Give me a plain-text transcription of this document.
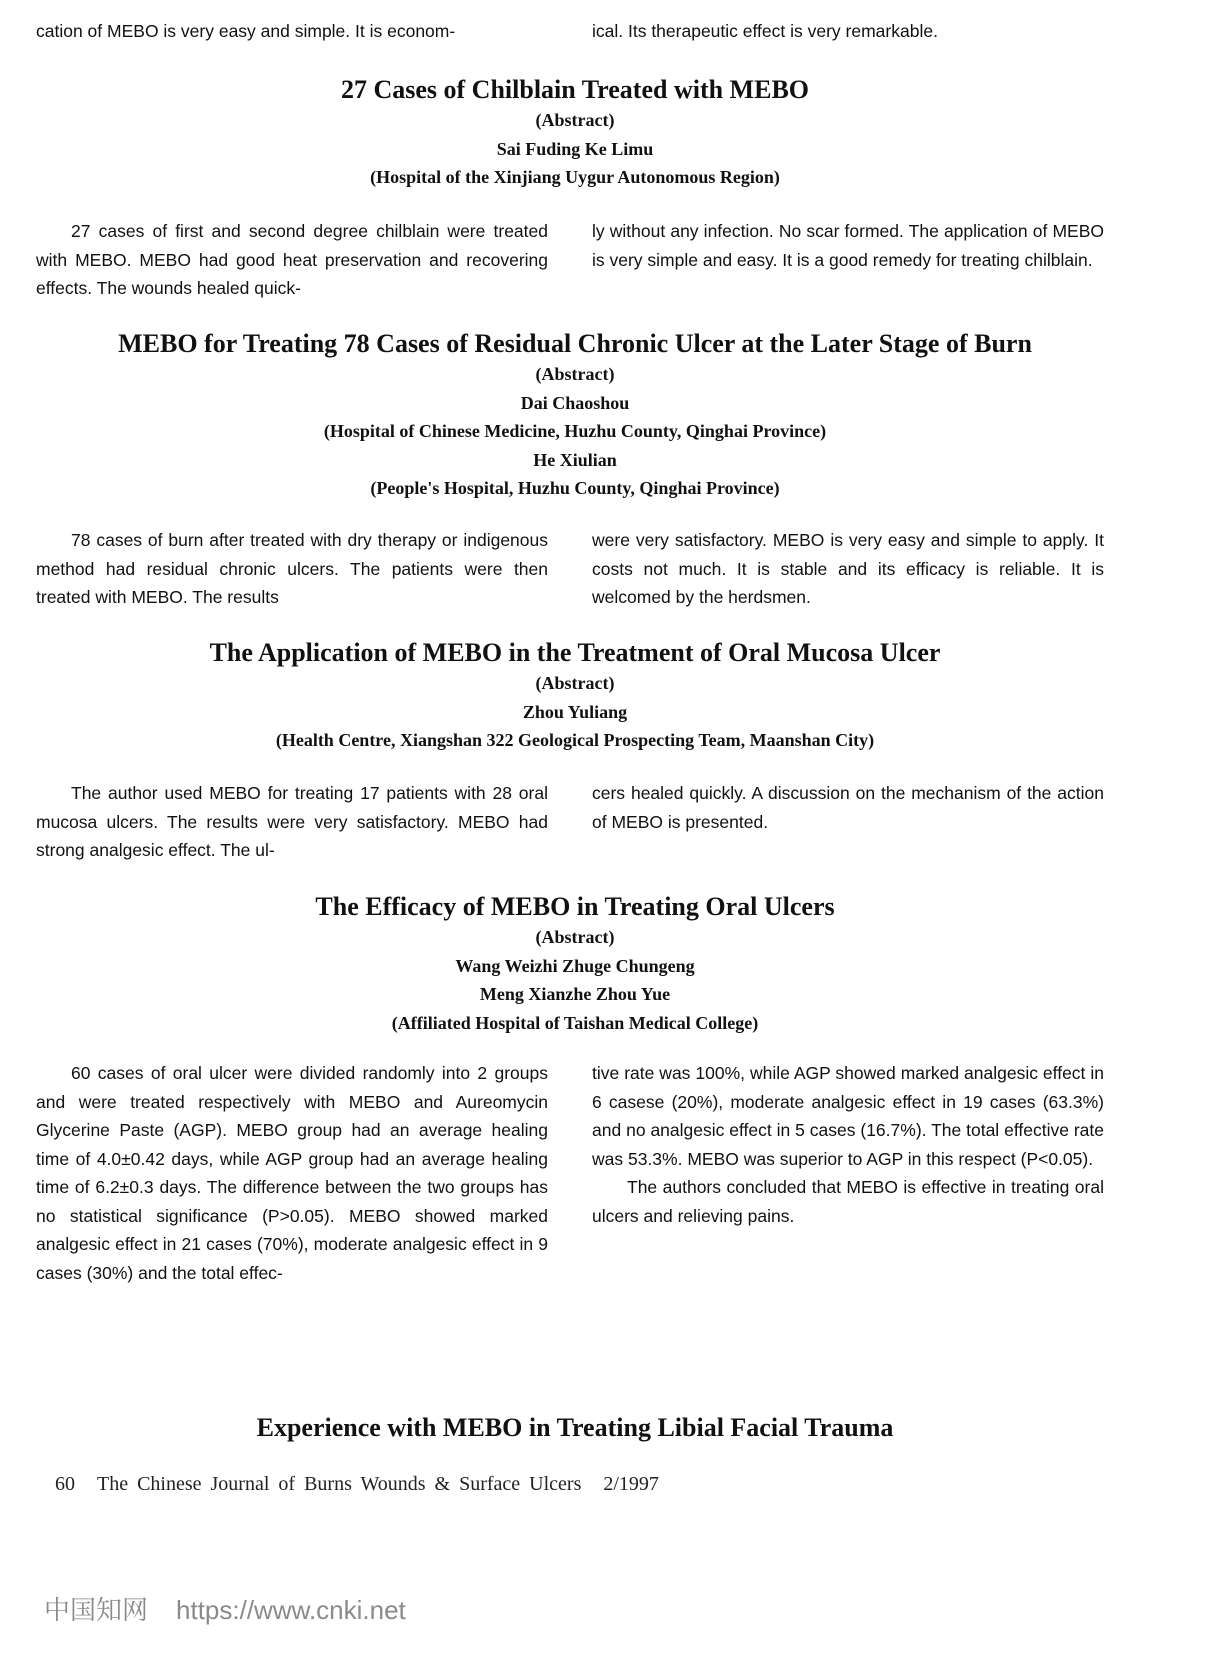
cation of MEBO is very easy and simple. It is econom-	ical. Its therapeutic effect is very remarkable.

27 Cases of Chilblain Treated with MEBO

(Abstract)

Sai Fuding Ke Limu

(Hospital of the Xinjiang Uygur Autonomous Region)

27 cases of first and second degree chilblain were treated with MEBO. MEBO had good heat preservation and recovering effects. The wounds healed quick-

ly without any infection. No scar formed. The application of MEBO is very simple and easy. It is a good remedy for treating chilblain.

MEBO for Treating 78 Cases of Residual Chronic Ulcer at the Later Stage of Burn

(Abstract)

Dai Chaoshou

(Hospital of Chinese Medicine, Huzhu County, Qinghai Province)

He Xiulian

(People's Hospital, Huzhu County, Qinghai Province)

78 cases of burn after treated with dry therapy or indigenous method had residual chronic ulcers. The patients were then treated with MEBO. The results

were very satisfactory. MEBO is very easy and simple to apply. It costs not much. It is stable and its efficacy is reliable. It is welcomed by the herdsmen.

The Application of MEBO in the Treatment of Oral Mucosa Ulcer

(Abstract)

Zhou Yuliang

(Health Centre, Xiangshan 322 Geological Prospecting Team, Maanshan City)

The author used MEBO for treating 17 patients with 28 oral mucosa ulcers. The results were very satisfactory. MEBO had strong analgesic effect. The ul-

cers healed quickly. A discussion on the mechanism of the action of MEBO is presented.

The Efficacy of MEBO in Treating Oral Ulcers

(Abstract)

Wang Weizhi Zhuge Chungeng

Meng Xianzhe Zhou Yue

(Affiliated Hospital of Taishan Medical College)

60 cases of oral ulcer were divided randomly into 2 groups and were treated respectively with MEBO and Aureomycin Glycerine Paste (AGP). MEBO group had an average healing time of 4.0±0.42 days, while AGP group had an average healing time of 6.2±0.3 days. The difference between the two groups has no statistical significance (P>0.05). MEBO showed marked analgesic effect in 21 cases (70%), moderate analgesic effect in 9 cases (30%) and the total effec-

tive rate was 100%, while AGP showed marked analgesic effect in 6 casese (20%), moderate analgesic effect in 19 cases (63.3%) and no analgesic effect in 5 cases (16.7%). The total effective rate was 53.3%. MEBO was superior to AGP in this respect (P<0.05).

The authors concluded that MEBO is effective in treating oral ulcers and relieving pains.

Experience with MEBO in Treating Libial Facial Trauma

60 The Chinese Journal of Burns Wounds & Surface Ulcers 2/1997
中国知网 https://www.cnki.net
